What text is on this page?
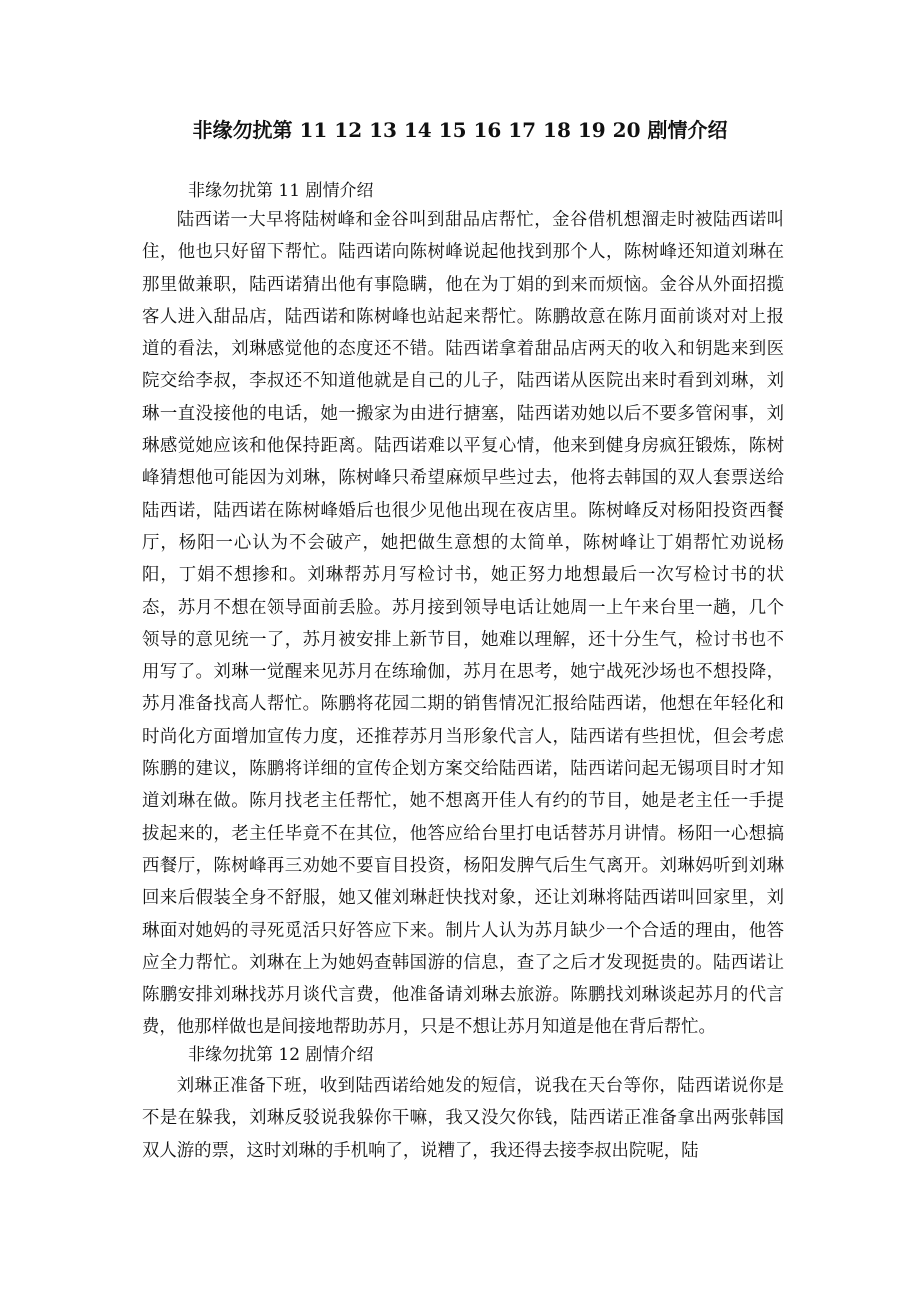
非缘勿扰第 11 12 13 14 15 16 17 18 19 20 剧情介绍
非缘勿扰第 11 剧情介绍

陆西诺一大早将陆树峰和金谷叫到甜品店帮忙，金谷借机想溜走时被陆西诺叫住，他也只好留下帮忙。陆西诺向陈树峰说起他找到那个人，陈树峰还知道刘琳在那里做兼职，陆西诺猜出他有事隐瞒，他在为丁娟的到来而烦恼。金谷从外面招揽客人进入甜品店，陆西诺和陈树峰也站起来帮忙。陈鹏故意在陈月面前谈对对上报道的看法，刘琳感觉他的态度还不错。陆西诺拿着甜品店两天的收入和钥匙来到医院交给李叔，李叔还不知道他就是自己的儿子，陆西诺从医院出来时看到刘琳，刘琳一直没接他的电话，她一搬家为由进行搪塞，陆西诺劝她以后不要多管闲事，刘琳感觉她应该和他保持距离。陆西诺难以平复心情，他来到健身房疯狂锻炼，陈树峰猜想他可能因为刘琳，陈树峰只希望麻烦早些过去，他将去韩国的双人套票送给陆西诺，陆西诺在陈树峰婚后也很少见他出现在夜店里。陈树峰反对杨阳投资西餐厅，杨阳一心认为不会破产，她把做生意想的太简单，陈树峰让丁娟帮忙劝说杨阳，丁娟不想掺和。刘琳帮苏月写检讨书，她正努力地想最后一次写检讨书的状态，苏月不想在领导面前丢脸。苏月接到领导电话让她周一上午来台里一趟，几个领导的意见统一了，苏月被安排上新节目，她难以理解，还十分生气，检讨书也不用写了。刘琳一觉醒来见苏月在练瑜伽，苏月在思考，她宁战死沙场也不想投降，苏月准备找高人帮忙。陈鹏将花园二期的销售情况汇报给陆西诺，他想在年轻化和时尚化方面增加宣传力度，还推荐苏月当形象代言人，陆西诺有些担忧，但会考虑陈鹏的建议，陈鹏将详细的宣传企划方案交给陆西诺，陆西诺问起无锡项目时才知道刘琳在做。陈月找老主任帮忙，她不想离开佳人有约的节目，她是老主任一手提拔起来的，老主任毕竟不在其位，他答应给台里打电话替苏月讲情。杨阳一心想搞西餐厅，陈树峰再三劝她不要盲目投资，杨阳发脾气后生气离开。刘琳妈听到刘琳回来后假装全身不舒服，她又催刘琳赶快找对象，还让刘琳将陆西诺叫回家里，刘琳面对她妈的寻死觅活只好答应下来。制片人认为苏月缺少一个合适的理由，他答应全力帮忙。刘琳在上为她妈查韩国游的信息，查了之后才发现挺贵的。陆西诺让陈鹏安排刘琳找苏月谈代言费，他准备请刘琳去旅游。陈鹏找刘琳谈起苏月的代言费，他那样做也是间接地帮助苏月，只是不想让苏月知道是他在背后帮忙。

非缘勿扰第 12 剧情介绍

刘琳正准备下班，收到陆西诺给她发的短信，说我在天台等你，陆西诺说你是不是在躲我，刘琳反驳说我躲你干嘛，我又没欠你钱，陆西诺正准备拿出两张韩国双人游的票，这时刘琳的手机响了，说糟了，我还得去接李叔出院呢，陆
